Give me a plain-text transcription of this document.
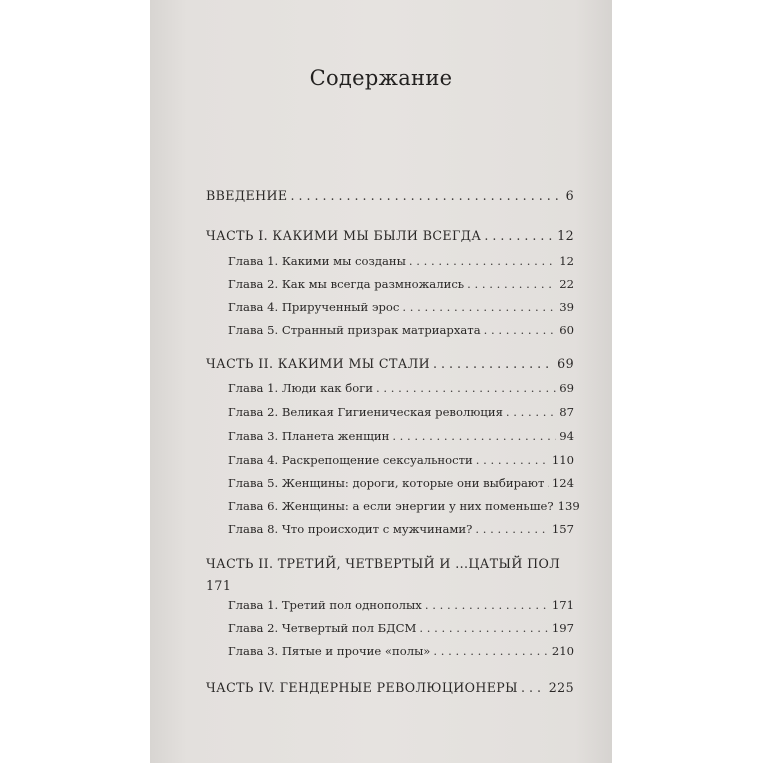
Содержание
ВВЕДЕНИЕ . . .	6
ЧАСТЬ I. КАКИМИ МЫ БЫЛИ ВСЕГДА . . .	12
Глава 1. Какими мы созданы . . .	12
Глава 2. Как мы всегда размножались . . .	22
Глава 4. Прирученный эрос . . .	39
Глава 5. Странный призрак матриархата . . .	60
ЧАСТЬ II. КАКИМИ МЫ СТАЛИ . . .	69
Глава 1. Люди как боги . . .	69
Глава 2. Великая Гигиеническая революция . . .	87
Глава 3. Планета женщин . . .	94
Глава 4. Раскрепощение сексуальности . . .	110
Глава 5. Женщины: дороги, которые они выбирают . . . 124
Глава 6. Женщины: а если энергии у них поменьше? 139
Глава 8. Что происходит с мужчинами? . . .	157
ЧАСТЬ II. ТРЕТИЙ, ЧЕТВЕРТЫЙ И ...ЦАТЫЙ ПОЛ
171
Глава 1. Третий пол однополых . . .	171
Глава 2. Четвертый пол БДСМ . . .	197
Глава 3. Пятые и прочие «полы» . . .	210
ЧАСТЬ IV. ГЕНДЕРНЫЕ РЕВОЛЮЦИОНЕРЫ . . . 225
